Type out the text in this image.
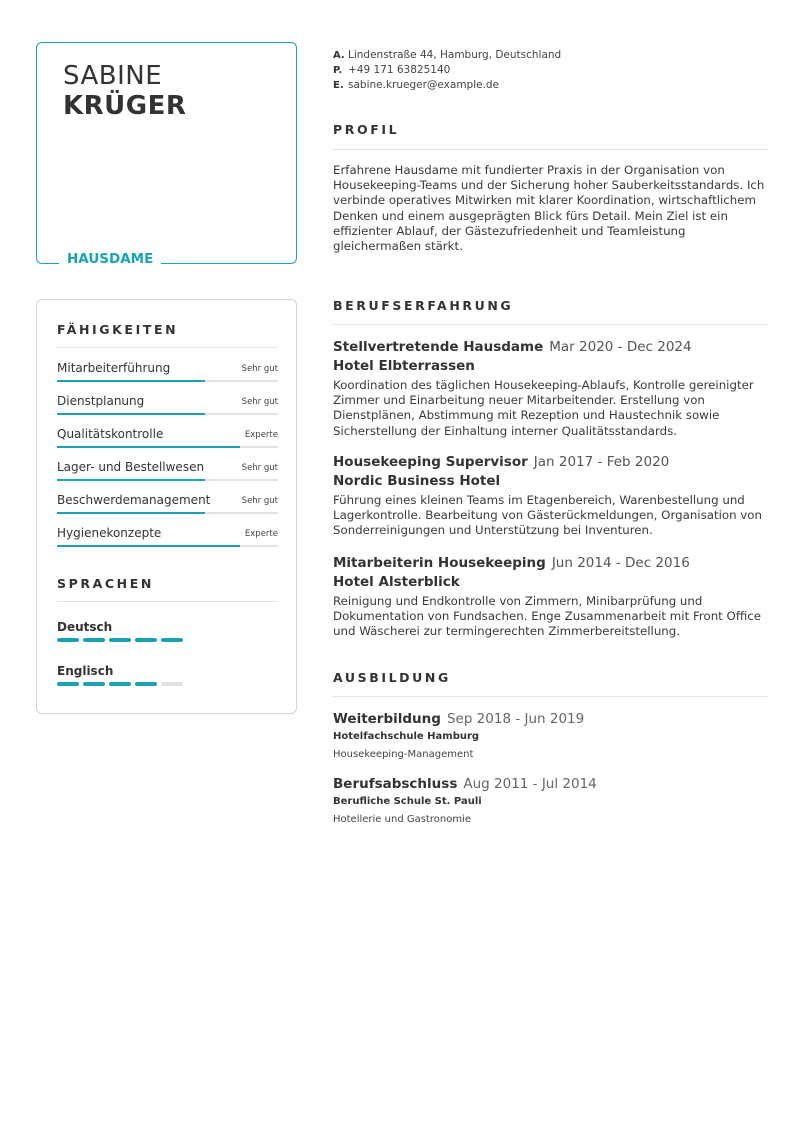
SABINE
KRÜGER
HAUSDAME
FÄHIGKEITEN
Mitarbeiterführung	Sehr gut
Dienstplanung	Sehr gut
Qualitätskontrolle	Experte
Lager- und Bestellwesen	Sehr gut
Beschwerdemanagement	Sehr gut
Hygienekonzepte	Experte
SPRACHEN
Deutsch
Englisch
A. Lindenstraße 44, Hamburg, Deutschland
P. +49 171 63825140
E. sabine.krueger@example.de
PROFIL
Erfahrene Hausdame mit fundierter Praxis in der Organisation von Housekeeping-Teams und der Sicherung hoher Sauberkeitsstandards. Ich verbinde operatives Mitwirken mit klarer Koordination, wirtschaftlichem Denken und einem ausgeprägten Blick fürs Detail. Mein Ziel ist ein effizienter Ablauf, der Gästezufriedenheit und Teamleistung gleichermaßen stärkt.
BERUFSERFAHRUNG
Stellvertretende Hausdame Mar 2020 - Dec 2024
Hotel Elbterrassen
Koordination des täglichen Housekeeping-Ablaufs, Kontrolle gereinigter Zimmer und Einarbeitung neuer Mitarbeitender. Erstellung von Dienstplänen, Abstimmung mit Rezeption und Haustechnik sowie Sicherstellung der Einhaltung interner Qualitätsstandards.
Housekeeping Supervisor Jan 2017 - Feb 2020
Nordic Business Hotel
Führung eines kleinen Teams im Etagenbereich, Warenbestellung und Lagerkontrolle. Bearbeitung von Gästerückmeldungen, Organisation von Sonderreinigungen und Unterstützung bei Inventuren.
Mitarbeiterin Housekeeping Jun 2014 - Dec 2016
Hotel Alsterblick
Reinigung und Endkontrolle von Zimmern, Minibarprüfung und Dokumentation von Fundsachen. Enge Zusammenarbeit mit Front Office und Wäscherei zur termingerechten Zimmerbereitstellung.
AUSBILDUNG
Weiterbildung Sep 2018 - Jun 2019
Hotelfachschule Hamburg
Housekeeping-Management
Berufsabschluss Aug 2011 - Jul 2014
Berufliche Schule St. Pauli
Hotellerie und Gastronomie
